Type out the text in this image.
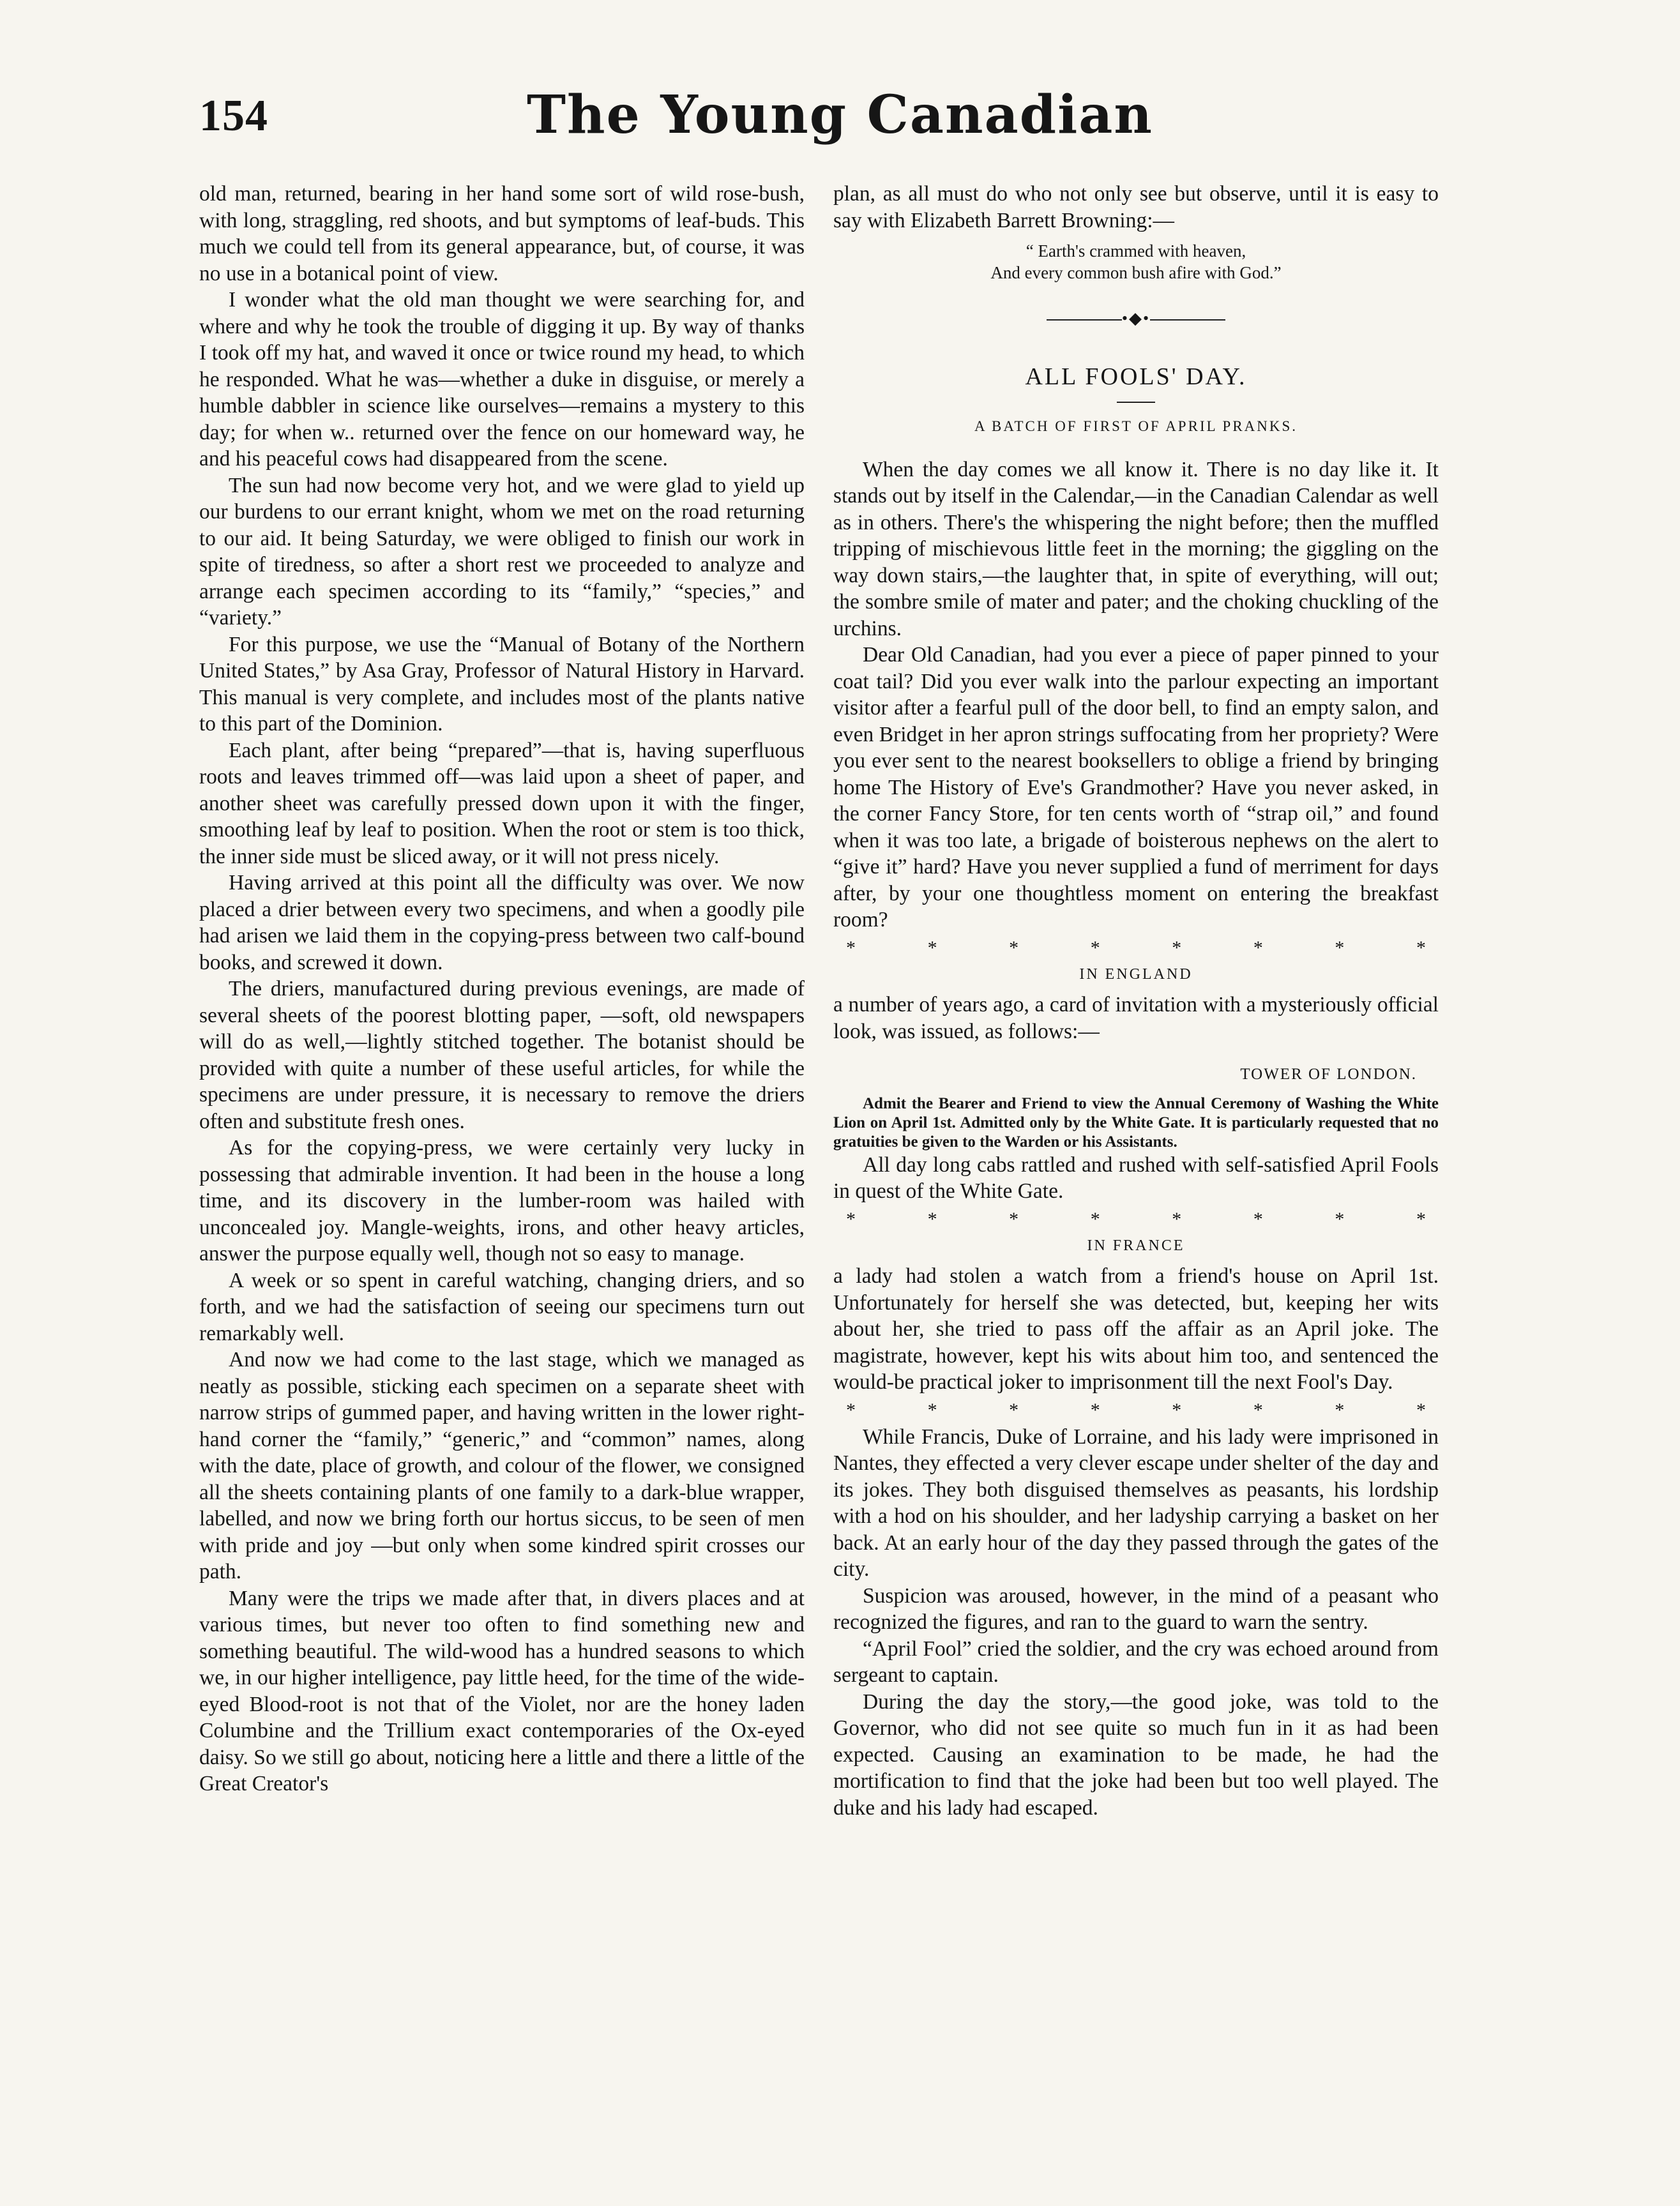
154	The Young Canadian

old man, returned, bearing in her hand some sort of wild rose-bush, with long, straggling, red shoots, and but symptoms of leaf-buds. This much we could tell from its general appearance, but, of course, it was no use in a botanical point of view.

I wonder what the old man thought we were searching for, and where and why he took the trouble of digging it up. By way of thanks I took off my hat, and waved it once or twice round my head, to which he responded. What he was—whether a duke in disguise, or merely a humble dabbler in science like ourselves—remains a mystery to this day; for when w.. returned over the fence on our homeward way, he and his peaceful cows had disappeared from the scene.

The sun had now become very hot, and we were glad to yield up our burdens to our errant knight, whom we met on the road returning to our aid. It being Saturday, we were obliged to finish our work in spite of tiredness, so after a short rest we proceeded to analyze and arrange each specimen according to its “family,” “species,” and “variety.”

For this purpose, we use the “Manual of Botany of the Northern United States,” by Asa Gray, Professor of Natural History in Harvard. This manual is very complete, and includes most of the plants native to this part of the Dominion.

Each plant, after being “prepared”—that is, having superfluous roots and leaves trimmed off—was laid upon a sheet of paper, and another sheet was carefully pressed down upon it with the finger, smoothing leaf by leaf to position. When the root or stem is too thick, the inner side must be sliced away, or it will not press nicely.

Having arrived at this point all the difficulty was over. We now placed a drier between every two specimens, and when a goodly pile had arisen we laid them in the copying-press between two calf-bound books, and screwed it down.

The driers, manufactured during previous evenings, are made of several sheets of the poorest blotting paper, —soft, old newspapers will do as well,—lightly stitched together. The botanist should be provided with quite a number of these useful articles, for while the specimens are under pressure, it is necessary to remove the driers often and substitute fresh ones.

As for the copying-press, we were certainly very lucky in possessing that admirable invention. It had been in the house a long time, and its discovery in the lumber-room was hailed with unconcealed joy. Mangle-weights, irons, and other heavy articles, answer the purpose equally well, though not so easy to manage.

A week or so spent in careful watching, changing driers, and so forth, and we had the satisfaction of seeing our specimens turn out remarkably well.

And now we had come to the last stage, which we managed as neatly as possible, sticking each specimen on a separate sheet with narrow strips of gummed paper, and having written in the lower right-hand corner the “family,” “generic,” and “common” names, along with the date, place of growth, and colour of the flower, we consigned all the sheets containing plants of one family to a dark-blue wrapper, labelled, and now we bring forth our hortus siccus, to be seen of men with pride and joy —but only when some kindred spirit crosses our path.

Many were the trips we made after that, in divers places and at various times, but never too often to find something new and something beautiful. The wild-wood has a hundred seasons to which we, in our higher intelligence, pay little heed, for the time of the wide-eyed Blood-root is not that of the Violet, nor are the honey laden Columbine and the Trillium exact contemporaries of the Ox-eyed daisy. So we still go about, noticing here a little and there a little of the Great Creator's

plan, as all must do who not only see but observe, until it is easy to say with Elizabeth Barrett Browning:—

“ Earth's crammed with heaven,
And every common bush afire with God.”
•◆•
ALL FOOLS' DAY.
A BATCH OF FIRST OF APRIL PRANKS.

When the day comes we all know it. There is no day like it. It stands out by itself in the Calendar,—in the Canadian Calendar as well as in others. There's the whispering the night before; then the muffled tripping of mischievous little feet in the morning; the giggling on the way down stairs,—the laughter that, in spite of everything, will out; the sombre smile of mater and pater; and the choking chuckling of the urchins.

Dear Old Canadian, had you ever a piece of paper pinned to your coat tail? Did you ever walk into the parlour expecting an important visitor after a fearful pull of the door bell, to find an empty salon, and even Bridget in her apron strings suffocating from her propriety? Were you ever sent to the nearest booksellers to oblige a friend by bringing home The History of Eve's Grandmother? Have you never asked, in the corner Fancy Store, for ten cents worth of “strap oil,” and found when it was too late, a brigade of boisterous nephews on the alert to “give it” hard? Have you never supplied a fund of merriment for days after, by your one thoughtless moment on entering the breakfast room?

*	*	*	*	*	*	*	*
IN ENGLAND

a number of years ago, a card of invitation with a mysteriously official look, was issued, as follows:—

TOWER OF LONDON.

Admit the Bearer and Friend to view the Annual Ceremony of Washing the White Lion on April 1st. Admitted only by the White Gate. It is particularly requested that no gratuities be given to the Warden or his Assistants.

All day long cabs rattled and rushed with self-satisfied April Fools in quest of the White Gate.

*	*	*	*	*	*	*	*
IN FRANCE

a lady had stolen a watch from a friend's house on April 1st. Unfortunately for herself she was detected, but, keeping her wits about her, she tried to pass off the affair as an April joke. The magistrate, however, kept his wits about him too, and sentenced the would-be practical joker to imprisonment till the next Fool's Day.

*	*	*	*	*	*	*	*

While Francis, Duke of Lorraine, and his lady were imprisoned in Nantes, they effected a very clever escape under shelter of the day and its jokes. They both disguised themselves as peasants, his lordship with a hod on his shoulder, and her ladyship carrying a basket on her back. At an early hour of the day they passed through the gates of the city.

Suspicion was aroused, however, in the mind of a peasant who recognized the figures, and ran to the guard to warn the sentry.

“April Fool” cried the soldier, and the cry was echoed around from sergeant to captain.

During the day the story,—the good joke, was told to the Governor, who did not see quite so much fun in it as had been expected. Causing an examination to be made, he had the mortification to find that the joke had been but too well played. The duke and his lady had escaped.
